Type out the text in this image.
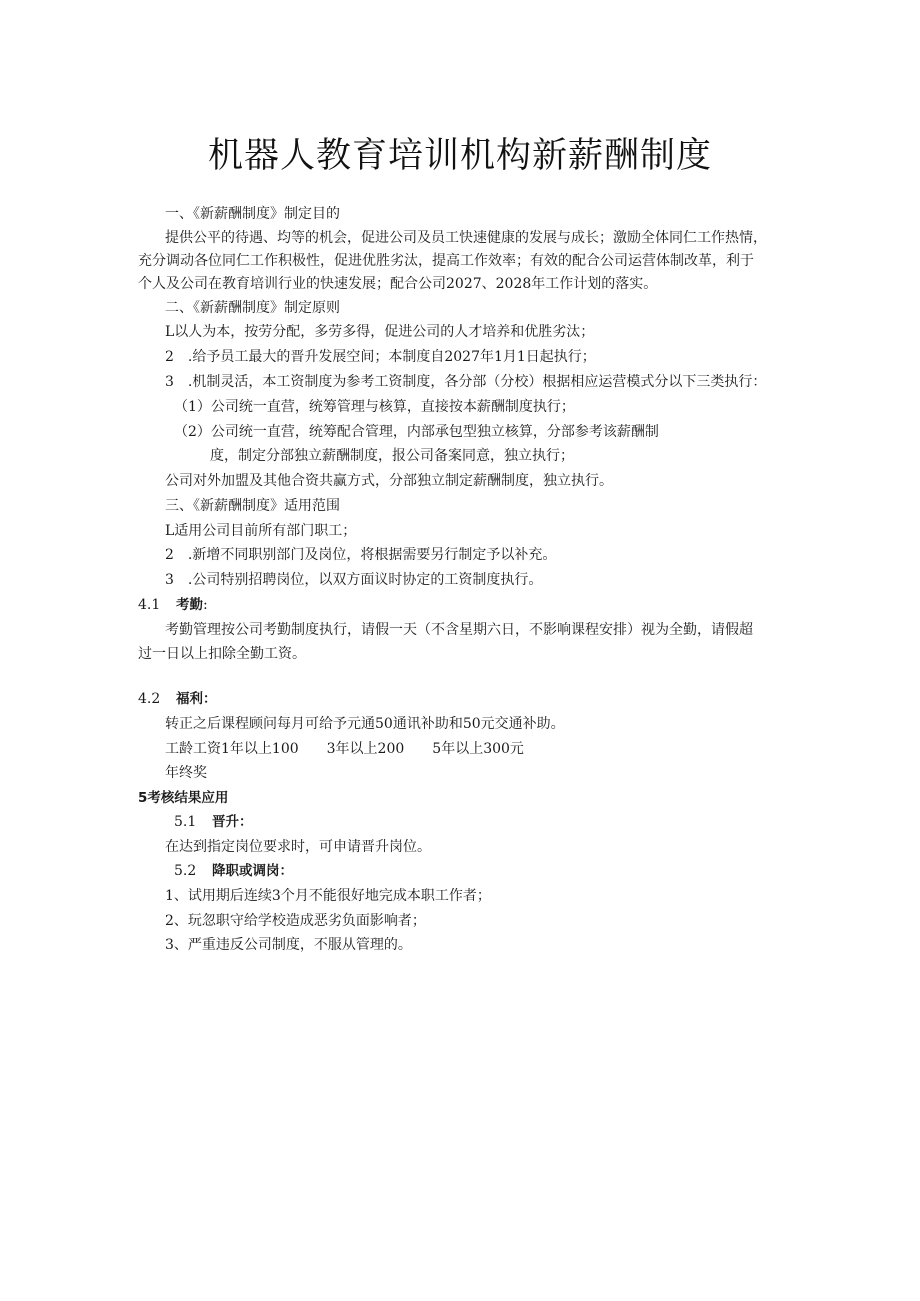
机器人教育培训机构新薪酬制度
一、《新薪酬制度》制定目的
提供公平的待遇、均等的机会，促进公司及员工快速健康的发展与成长；激励全体同仁工作热情，
充分调动各位同仁工作积极性，促进优胜劣汰，提高工作效率；有效的配合公司运营体制改革，利于
个人及公司在教育培训行业的快速发展；配合公司2027、2028年工作计划的落实。
二、《新薪酬制度》制定原则
L以人为本，按劳分配，多劳多得，促进公司的人才培养和优胜劣汰；
2　.给予员工最大的晋升发展空间；本制度自2027年1月1日起执行；
3　.机制灵活，本工资制度为参考工资制度，各分部（分校）根据相应运营模式分以下三类执行：
（1）公司统一直营，统筹管理与核算，直接按本薪酬制度执行；
（2）公司统一直营，统筹配合管理，内部承包型独立核算，分部参考该薪酬制
度，制定分部独立薪酬制度，报公司备案同意，独立执行；
公司对外加盟及其他合资共赢方式，分部独立制定薪酬制度，独立执行。
三、《新薪酬制度》适用范围
L适用公司目前所有部门职工；
2　.新增不同职别部门及岗位，将根据需要另行制定予以补充。
3　.公司特别招聘岗位，以双方面议时协定的工资制度执行。
4.1 考勤:
考勤管理按公司考勤制度执行，请假一天（不含星期六日，不影响课程安排）视为全勤，请假超
过一日以上扣除全勤工资。
4.2 福利：
转正之后课程顾问每月可给予元通50通讯补助和50元交通补助。
工龄工资1年以上100 3年以上200 5年以上300元
年终奖
5考核结果应用
5.1 晋升：
在达到指定岗位要求时，可申请晋升岗位。
5.2 降职或调岗：
1、试用期后连续3个月不能很好地完成本职工作者；
2、玩忽职守给学校造成恶劣负面影响者；
3、严重违反公司制度，不服从管理的。
